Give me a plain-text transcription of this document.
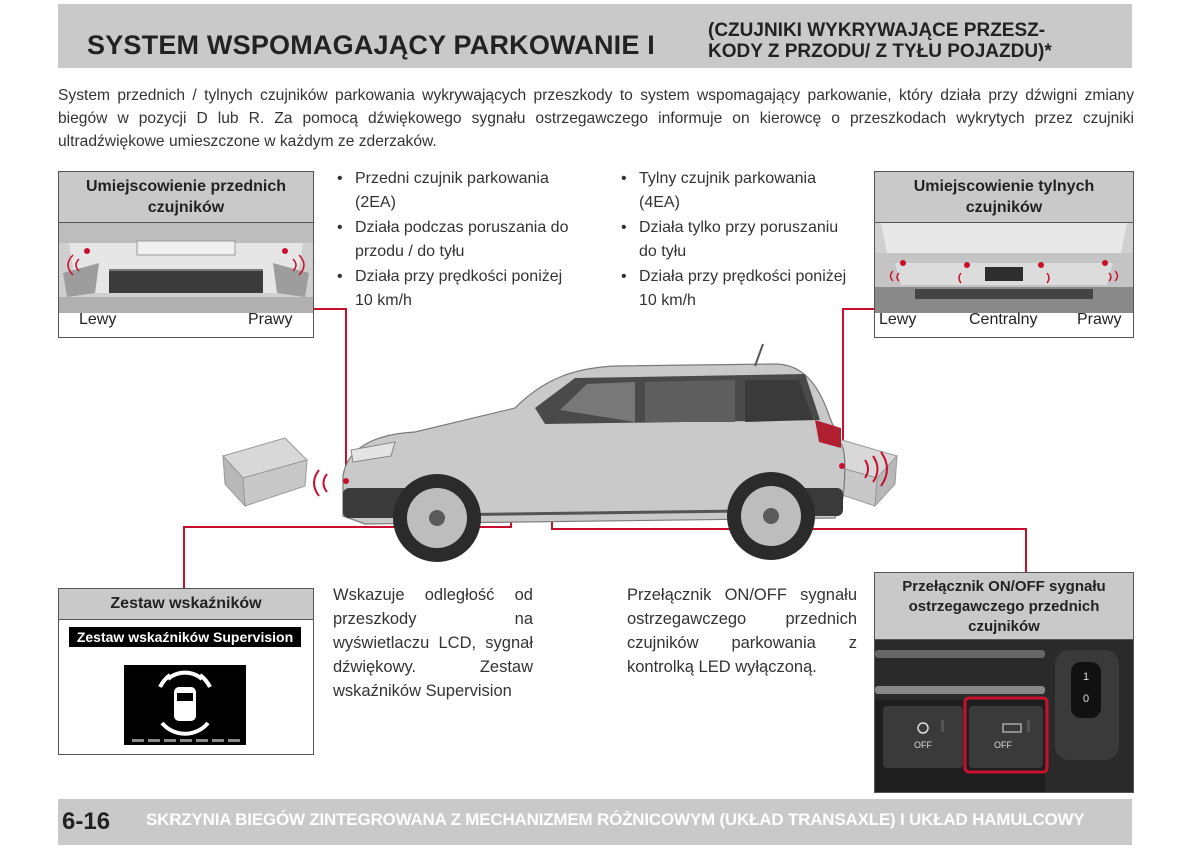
SYSTEM WSPOMAGAJĄCY PARKOWANIE I	(CZUJNIKI WYKRYWAJĄCE PRZESZ-
KODY Z PRZODU/ Z TYŁU POJAZDU)*
System przednich / tylnych czujników parkowania wykrywających przeszkody to system wspomagający parkowanie, który działa przy dźwigni zmiany biegów w pozycji D lub R. Za pomocą dźwiękowego sygnału ostrzegawczego informuje on kierowcę o przeszkodach wykrytych przez czujniki ultradźwiękowe umieszczone w każdym ze zderzaków.
Umiejscowienie przednich czujników
Lewy	Prawy
• Przedni czujnik parkowania (2EA)
• Działa podczas poruszania do przodu / do tyłu
• Działa przy prędkości poniżej 10 km/h
• Tylny czujnik parkowania (4EA)
• Działa tylko przy poruszaniu do tyłu
• Działa przy prędkości poniżej 10 km/h
Umiejscowienie tylnych czujników
Lewy	Centralny Prawy
Zestaw wskaźników
Zestaw wskaźników Supervision
Wskazuje odległość od przeszkody na wyświetlaczu LCD, sygnał dźwiękowy. Zestaw wskaźników Supervision
Przełącznik ON/OFF sygnału ostrzegawczego przednich czujników parkowania z kontrolką LED wyłączoną.
Przełącznik ON/OFF sygnału ostrzegawczego przednich czujników
OFF	OFF
1
0
6-16 SKRZYNIA BIEGÓW ZINTEGROWANA Z MECHANIZMEM RÓŻNICOWYM (UKŁAD TRANSAXLE) I UKŁAD HAMULCOWY
